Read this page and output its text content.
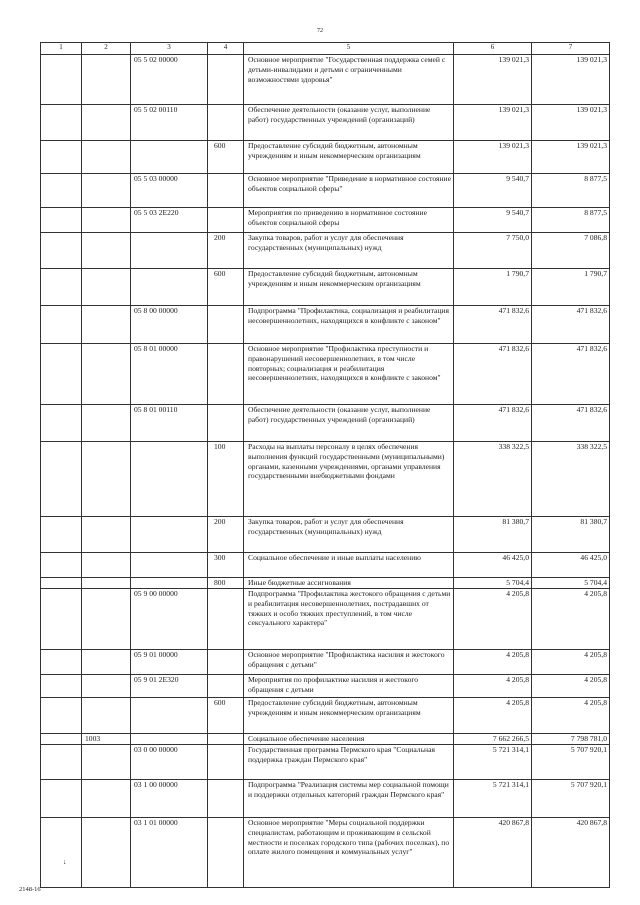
72
1	2	3	4	5	6	7
		05 5 02 00000		Основное мероприятие "Государственная поддержка семей с детьми-инвалидами и детьми с ограниченными возможностями здоровья"	139 021,3	139 021,3
		05 5 02 00110		Обеспечение деятельности (оказание услуг, выполнение работ) государственных учреждений (организаций)	139 021,3	139 021,3
			600	Предоставление субсидий бюджетным, автономным учреждениям и иным некоммерческим организациям	139 021,3	139 021,3
		05 5 03 00000		Основное мероприятие "Приведение в нормативное состояние объектов социальной сферы"	9 540,7	8 877,5
		05 5 03 2Е220		Мероприятия по приведению в нормативное состояние объектов социальной сферы	9 540,7	8 877,5
			200	Закупка товаров, работ и услуг для обеспечения государственных (муниципальных) нужд	7 750,0	7 086,8
			600	Предоставление субсидий бюджетным, автономным учреждениям и иным некоммерческим организациям	1 790,7	1 790,7
		05 8 00 00000		Подпрограмма "Профилактика, социализация и реабилитация несовершеннолетних, находящихся в конфликте с законом"	471 832,6	471 832,6
		05 8 01 00000		Основное мероприятие "Профилактика преступности и правонарушений несовершеннолетних, в том числе повторных; социализация и реабилитация несовершеннолетних, находящихся в конфликте с законом"	471 832,6	471 832,6
		05 8 01 00110		Обеспечение деятельности (оказание услуг, выполнение работ) государственных учреждений (организаций)	471 832,6	471 832,6
			100	Расходы на выплаты персоналу в целях обеспечения выполнения функций государственными (муниципальными) органами, казенными учреждениями, органами управления государственными внебюджетными фондами	338 322,5	338 322,5
			200	Закупка товаров, работ и услуг для обеспечения государственных (муниципальных) нужд	81 380,7	81 380,7
			300	Социальное обеспечение и иные выплаты населению	46 425,0	46 425,0
			800	Иные бюджетные ассигнования	5 704,4	5 704,4
		05 9 00 00000		Подпрограмма "Профилактика жестокого обращения с детьми и реабилитация несовершеннолетних, пострадавших от тяжких и особо тяжких преступлений, в том числе сексуального характера"	4 205,8	4 205,8
		05 9 01 00000		Основное мероприятие "Профилактика насилия и жестокого обращения с детьми"	4 205,8	4 205,8
		05 9 01 2Е320		Мероприятия по профилактике насилия и жестокого обращения с детьми	4 205,8	4 205,8
			600	Предоставление субсидий бюджетным, автономным учреждениям и иным некоммерческим организациям	4 205,8	4 205,8
	1003			Социальное обеспечение населения	7 662 266,5	7 798 781,0
		03 0 00 00000		Государственная программа Пермского края "Социальная поддержка граждан Пермского края"	5 721 314,1	5 707 920,1
		03 1 00 00000		Подпрограмма "Реализация системы мер социальной помощи и поддержки отдельных категорий граждан Пермского края"	5 721 314,1	5 707 920,1
		03 1 01 00000		Основное мероприятие "Меры социальной поддержки специалистам, работающим и проживающим в сельской местности и поселках городского типа (рабочих поселках), по оплате жилого помещения и коммунальных услуг"	420 867,8	420 867,8
↓
2148-16
